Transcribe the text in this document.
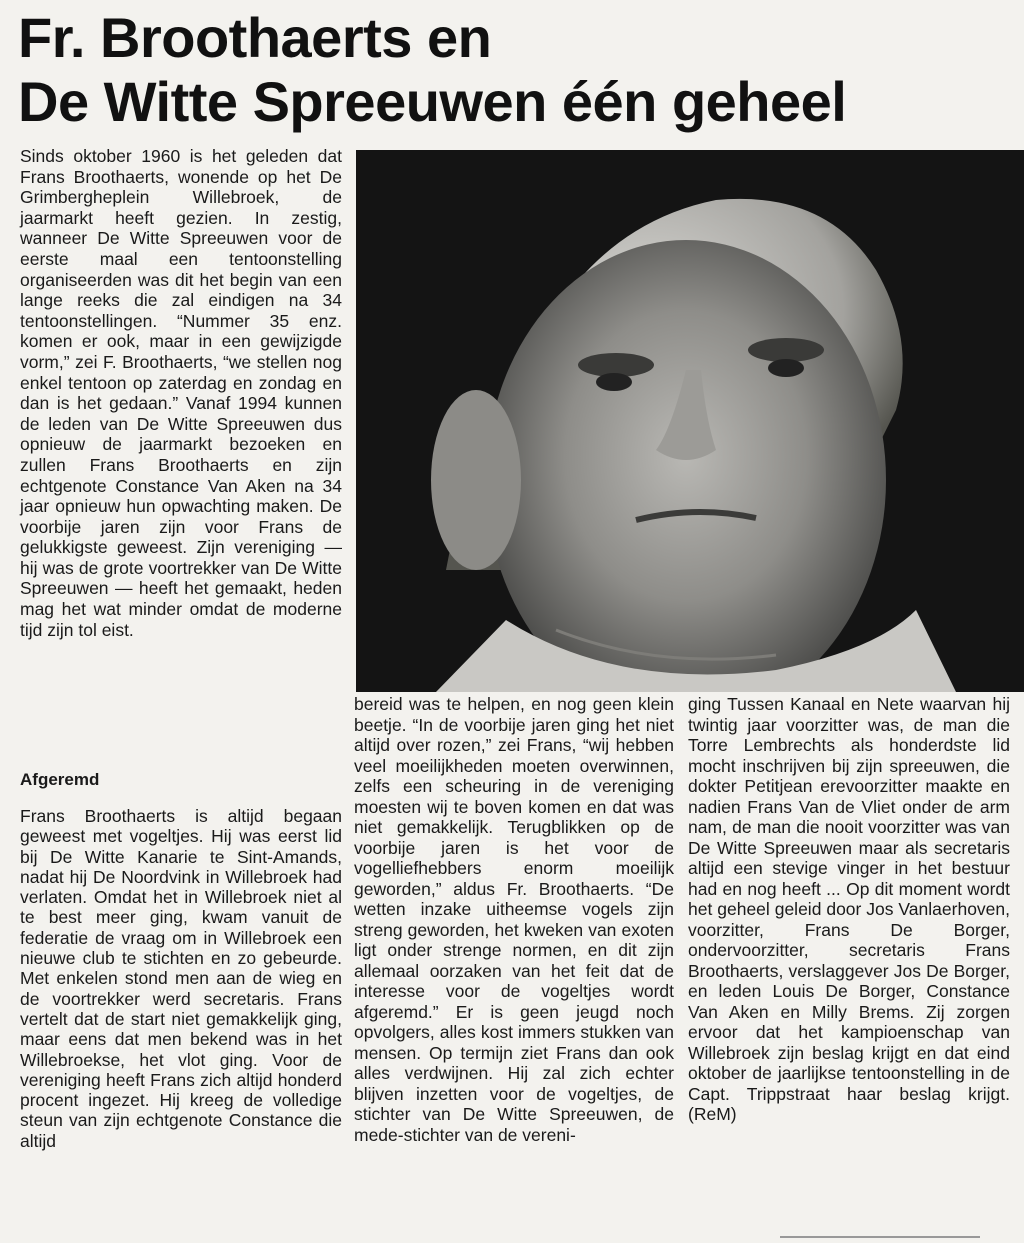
Fr. Broothaerts en
De Witte Spreeuwen één geheel

Sinds oktober 1960 is het geleden dat Frans Broothaerts, wonende op het De Grimbergheplein Willebroek, de jaarmarkt heeft gezien. In zestig, wanneer De Witte Spreeuwen voor de eerste maal een tentoonstelling organiseerden was dit het begin van een lange reeks die zal eindigen na 34 tentoonstellingen. “Nummer 35 enz. komen er ook, maar in een gewijzigde vorm,” zei F. Broothaerts, “we stellen nog enkel tentoon op zaterdag en zondag en dan is het gedaan.” Vanaf 1994 kunnen de leden van De Witte Spreeuwen dus opnieuw de jaarmarkt bezoeken en zullen Frans Broothaerts en zijn echtgenote Constance Van Aken na 34 jaar opnieuw hun opwachting maken. De voorbije jaren zijn voor Frans de gelukkigste geweest. Zijn vereniging — hij was de grote voortrekker van De Witte Spreeuwen — heeft het gemaakt, heden mag het wat minder omdat de moderne tijd zijn tol eist.

Afgeremd

Frans Broothaerts is altijd begaan geweest met vogeltjes. Hij was eerst lid bij De Witte Kanarie te Sint-Amands, nadat hij De Noordvink in Willebroek had verlaten. Omdat het in Willebroek niet al te best meer ging, kwam vanuit de federatie de vraag om in Willebroek een nieuwe club te stichten en zo gebeurde. Met enkelen stond men aan de wieg en de voortrekker werd secretaris. Frans vertelt dat de start niet gemakkelijk ging, maar eens dat men bekend was in het Willebroekse, het vlot ging. Voor de vereniging heeft Frans zich altijd honderd procent ingezet. Hij kreeg de volledige steun van zijn echtgenote Constance die altijd

bereid was te helpen, en nog geen klein beetje. “In de voorbije jaren ging het niet altijd over rozen,” zei Frans, “wij hebben veel moeilijkheden moeten overwinnen, zelfs een scheuring in de vereniging moesten wij te boven komen en dat was niet gemakkelijk. Terugblikken op de voorbije jaren is het voor de vogelliefhebbers enorm moeilijk geworden,” aldus Fr. Broothaerts. “De wetten inzake uitheemse vogels zijn streng geworden, het kweken van exoten ligt onder strenge normen, en dit zijn allemaal oorzaken van het feit dat de interesse voor de vogeltjes wordt afgeremd.” Er is geen jeugd noch opvolgers, alles kost immers stukken van mensen. Op termijn ziet Frans dan ook alles verdwijnen. Hij zal zich echter blijven inzetten voor de vogeltjes, de stichter van De Witte Spreeuwen, de mede-stichter van de vereni-

ging Tussen Kanaal en Nete waarvan hij twintig jaar voorzitter was, de man die Torre Lembrechts als honderdste lid mocht inschrijven bij zijn spreeuwen, die dokter Petitjean erevoorzitter maakte en nadien Frans Van de Vliet onder de arm nam, de man die nooit voorzitter was van De Witte Spreeuwen maar als secretaris altijd een stevige vinger in het bestuur had en nog heeft ... Op dit moment wordt het geheel geleid door Jos Vanlaerhoven, voorzitter, Frans De Borger, ondervoorzitter, secretaris Frans Broothaerts, verslaggever Jos De Borger, en leden Louis De Borger, Constance Van Aken en Milly Brems. Zij zorgen ervoor dat het kampioenschap van Willebroek zijn beslag krijgt en dat eind oktober de jaarlijkse tentoonstelling in de Capt. Trippstraat haar beslag krijgt. (ReM)
